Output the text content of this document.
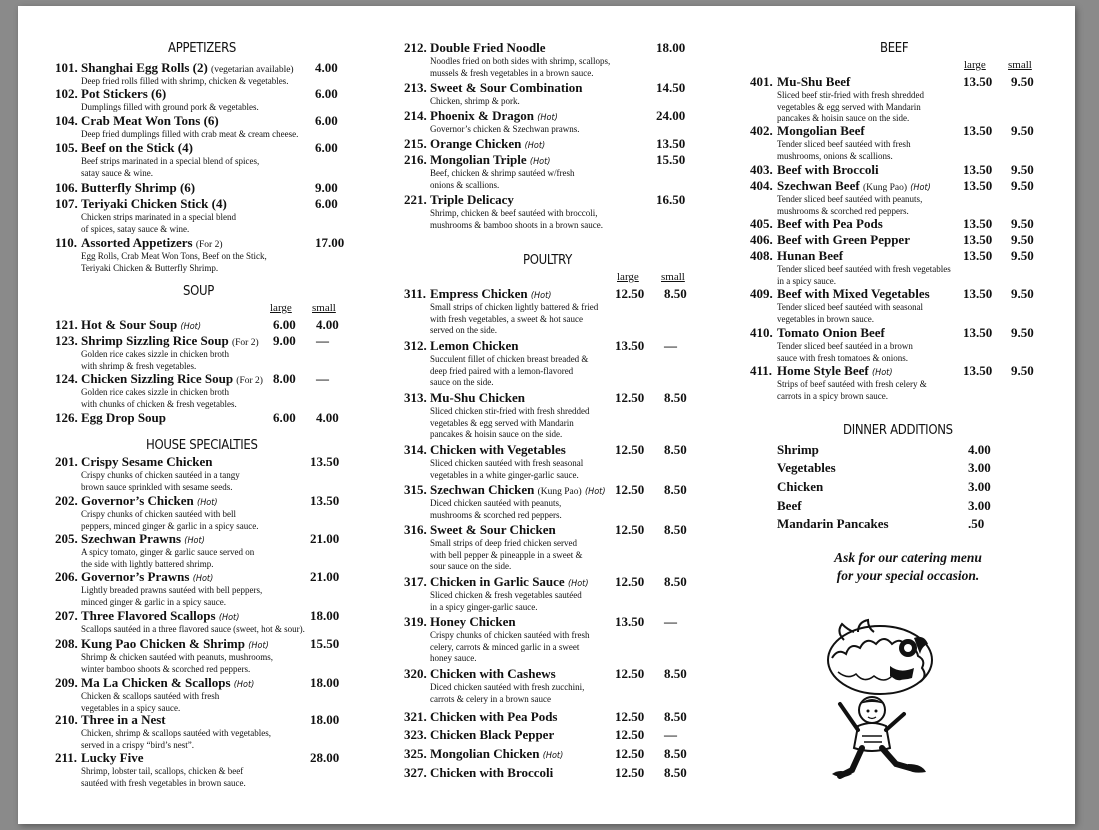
APPETIZERS
101. Shanghai Egg Rolls (2) (vegetarian available) 4.00
Deep fried rolls filled with shrimp, chicken & vegetables.
102. Pot Stickers (6)	6.00
Dumplings filled with ground pork & vegetables.
104. Crab Meat Won Tons (6)	6.00
Deep fried dumplings filled with crab meat & cream cheese.
105. Beef on the Stick (4)	6.00
Beef strips marinated in a special blend of spices,
satay sauce & wine.
106. Butterfly Shrimp (6)	9.00
107. Teriyaki Chicken Stick (4)	6.00
Chicken strips marinated in a special blend
of spices, satay sauce & wine.
110. Assorted Appetizers (For 2)	17.00
Egg Rolls, Crab Meat Won Tons, Beef on the Stick,
Teriyaki Chicken & Butterfly Shrimp.
SOUP
large small
121. Hot & Sour Soup (Hot)	6.00 4.00
123. Shrimp Sizzling Rice Soup (For 2) 9.00 —
Golden rice cakes sizzle in chicken broth
with shrimp & fresh vegetables.
124. Chicken Sizzling Rice Soup (For 2) 8.00 —
Golden rice cakes sizzle in chicken broth
with chunks of chicken & fresh vegetables.
126. Egg Drop Soup	6.00 4.00
HOUSE SPECIALTIES
201. Crispy Sesame Chicken	13.50
Crispy chunks of chicken sautéed in a tangy
brown sauce sprinkled with sesame seeds.
202. Governor’s Chicken (Hot)	13.50
Crispy chunks of chicken sautéed with bell
peppers, minced ginger & garlic in a spicy sauce.
205. Szechwan Prawns (Hot)	21.00
A spicy tomato, ginger & garlic sauce served on
the side with lightly battered shrimp.
206. Governor’s Prawns (Hot)	21.00
Lightly breaded prawns sautéed with bell peppers,
minced ginger & garlic in a spicy sauce.
207. Three Flavored Scallops (Hot)	18.00
Scallops sautéed in a three flavored sauce (sweet, hot & sour).
208. Kung Pao Chicken & Shrimp (Hot)	15.50
Shrimp & chicken sautéed with peanuts, mushrooms,
winter bamboo shoots & scorched red peppers.
209. Ma La Chicken & Scallops (Hot)	18.00
Chicken & scallops sautéed with fresh
vegetables in a spicy sauce.
210. Three in a Nest	18.00
Chicken, shrimp & scallops sautéed with vegetables,
served in a crispy “bird’s nest”.
211. Lucky Five	28.00
Shrimp, lobster tail, scallops, chicken & beef
sautéed with fresh vegetables in brown sauce.
212. Double Fried Noodle	18.00
Noodles fried on both sides with shrimp, scallops,
mussels & fresh vegetables in a brown sauce.
213. Sweet & Sour Combination	14.50
Chicken, shrimp & pork.
214. Phoenix & Dragon (Hot)	24.00
Governor’s chicken & Szechwan prawns.
215. Orange Chicken (Hot)	13.50
216. Mongolian Triple (Hot)	15.50
Beef, chicken & shrimp sautéed w/fresh
onions & scallions.
221. Triple Delicacy	16.50
Shrimp, chicken & beef sautéed with broccoli,
mushrooms & bamboo shoots in a brown sauce.
POULTRY
large small
311. Empress Chicken (Hot)	12.50 8.50
Small strips of chicken lightly battered & fried
with fresh vegetables, a sweet & hot sauce
served on the side.
312. Lemon Chicken	13.50 —
Succulent fillet of chicken breast breaded &
deep fried paired with a lemon-flavored
sauce on the side.
313. Mu-Shu Chicken	12.50 8.50
Sliced chicken stir-fried with fresh shredded
vegetables & egg served with Mandarin
pancakes & hoisin sauce on the side.
314. Chicken with Vegetables	12.50 8.50
Sliced chicken sautéed with fresh seasonal
vegetables in a white ginger-garlic sauce.
315. Szechwan Chicken (Kung Pao) (Hot) 12.50 8.50
Diced chicken sautéed with peanuts,
mushrooms & scorched red peppers.
316. Sweet & Sour Chicken	12.50 8.50
Small strips of deep fried chicken served
with bell pepper & pineapple in a sweet &
sour sauce on the side.
317. Chicken in Garlic Sauce (Hot) 12.50 8.50
Sliced chicken & fresh vegetables sautéed
in a spicy ginger-garlic sauce.
319. Honey Chicken	13.50 —
Crispy chunks of chicken sautéed with fresh
celery, carrots & minced garlic in a sweet
honey sauce.
320. Chicken with Cashews	12.50 8.50
Diced chicken sautéed with fresh zucchini,
carrots & celery in a brown sauce
321. Chicken with Pea Pods	12.50 8.50
323. Chicken Black Pepper	12.50 —
325. Mongolian Chicken (Hot)	12.50 8.50
327. Chicken with Broccoli	12.50 8.50
BEEF
large small
401. Mu-Shu Beef	13.50 9.50
Sliced beef stir-fried with fresh shredded
vegetables & egg served with Mandarin
pancakes & hoisin sauce on the side.
402. Mongolian Beef	13.50 9.50
Tender sliced beef sautéed with fresh
mushrooms, onions & scallions.
403. Beef with Broccoli	13.50 9.50
404. Szechwan Beef (Kung Pao) (Hot) 13.50 9.50
Tender sliced beef sautéed with peanuts,
mushrooms & scorched red peppers.
405. Beef with Pea Pods	13.50 9.50
406. Beef with Green Pepper	13.50 9.50
408. Hunan Beef	13.50 9.50
Tender sliced beef sautéed with fresh vegetables
in a spicy sauce.
409. Beef with Mixed Vegetables	13.50 9.50
Tender sliced beef sautéed with seasonal
vegetables in brown sauce.
410. Tomato Onion Beef	13.50 9.50
Tender sliced beef sautéed in a brown
sauce with fresh tomatoes & onions.
411. Home Style Beef (Hot)	13.50 9.50
Strips of beef sautéed with fresh celery &
carrots in a spicy brown sauce.
DINNER ADDITIONS
Shrimp	4.00
Vegetables	3.00
Chicken	3.00
Beef	3.00
Mandarin Pancakes	.50
Ask for our catering menu
for your special occasion.
